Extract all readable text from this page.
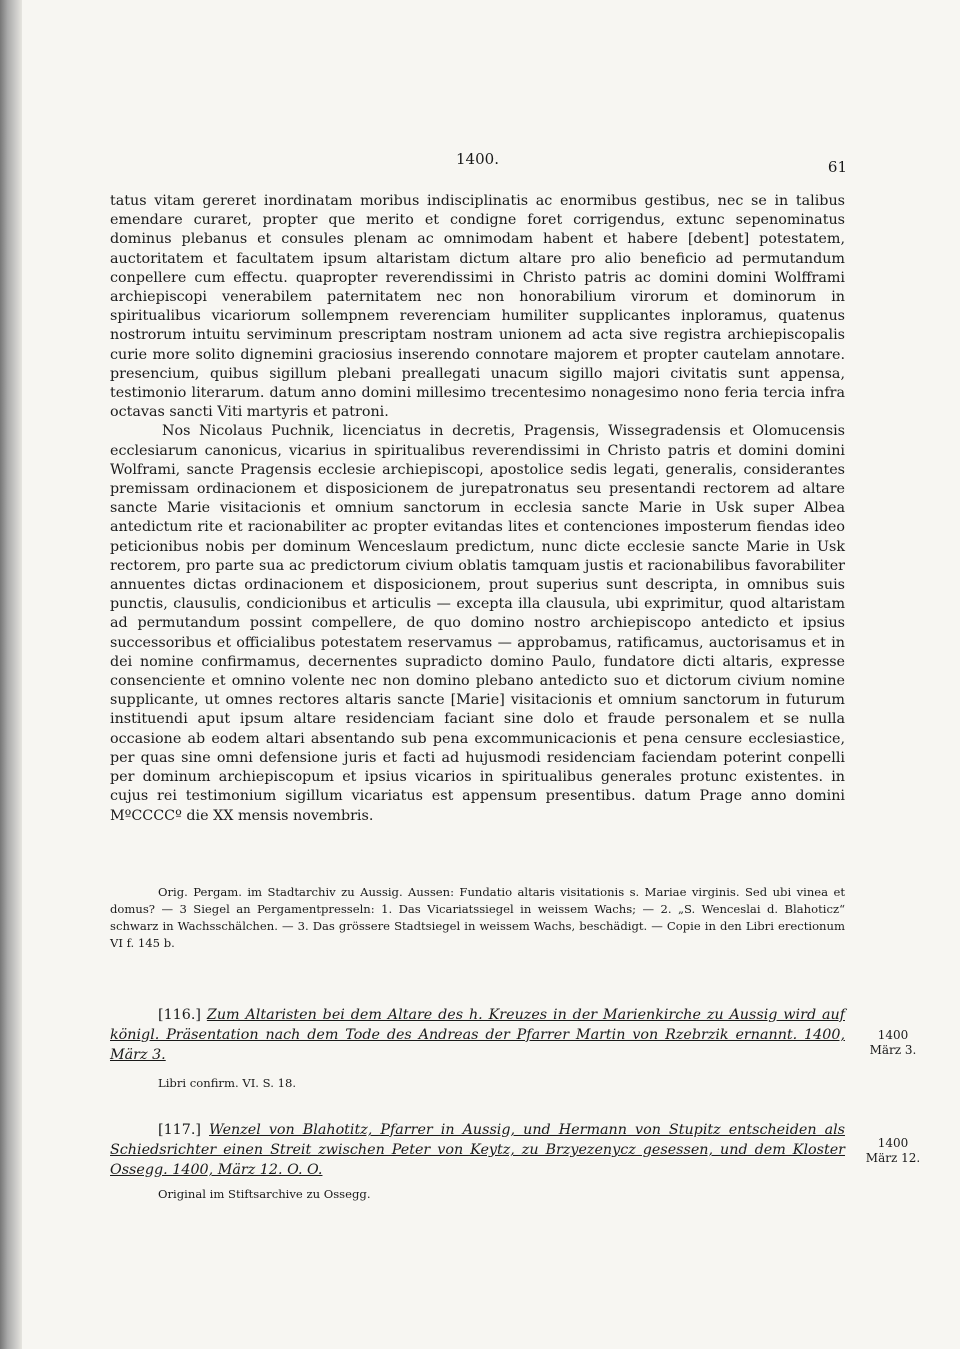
1400.	61

tatus vitam gereret inordinatam moribus indisciplinatis ac enormibus gestibus, nec se in talibus emendare curaret, propter que merito et condigne foret corrigendus, extunc sepenominatus dominus plebanus et consules plenam ac omnimodam habent et habere [debent] potestatem, auctoritatem et facultatem ipsum altaristam dictum altare pro alio beneficio ad permutandum conpellere cum effectu. quapropter reverendissimi in Christo patris ac domini domini Wolfframi archiepiscopi venerabilem paternitatem nec non honorabilium virorum et dominorum in spiritualibus vicariorum sollempnem reverenciam humiliter supplicantes inploramus, quatenus nostrorum intuitu serviminum prescriptam nostram unionem ad acta sive registra archiepiscopalis curie more solito dignemini graciosius inserendo connotare majorem et propter cautelam annotare. presencium, quibus sigillum plebani preallegati unacum sigillo majori civitatis sunt appensa, testimonio literarum. datum anno domini millesimo trecentesimo nonagesimo nono feria tercia infra octavas sancti Viti martyris et patroni.

Nos Nicolaus Puchnik, licenciatus in decretis, Pragensis, Wissegradensis et Olomucensis ecclesiarum canonicus, vicarius in spiritualibus reverendissimi in Christo patris et domini domini Wolframi, sancte Pragensis ecclesie archiepiscopi, apostolice sedis legati, generalis, considerantes premissam ordinacionem et disposicionem de jurepatronatus seu presentandi rectorem ad altare sancte Marie visitacionis et omnium sanctorum in ecclesia sancte Marie in Usk super Albea antedictum rite et racionabiliter ac propter evitandas lites et contenciones imposterum fiendas ideo peticionibus nobis per dominum Wenceslaum predictum, nunc dicte ecclesie sancte Marie in Usk rectorem, pro parte sua ac predictorum civium oblatis tamquam justis et racionabilibus favorabiliter annuentes dictas ordinacionem et disposicionem, prout superius sunt descripta, in omnibus suis punctis, clausulis, condicionibus et articulis — excepta illa clausula, ubi exprimitur, quod altaristam ad permutandum possint compellere, de quo domino nostro archiepiscopo antedicto et ipsius successoribus et officialibus potestatem reservamus — approbamus, ratificamus, auctorisamus et in dei nomine confirmamus, decernentes supradicto domino Paulo, fundatore dicti altaris, expresse consenciente et omnino volente nec non domino plebano antedicto suo et dictorum civium nomine supplicante, ut omnes rectores altaris sancte [Marie] visitacionis et omnium sanctorum in futurum instituendi aput ipsum altare residenciam faciant sine dolo et fraude personalem et se nulla occasione ab eodem altari absentando sub pena excommunicacionis et pena censure ecclesiastice, per quas sine omni defensione juris et facti ad hujusmodi residenciam faciendam poterint conpelli per dominum archiepiscopum et ipsius vicarios in spiritualibus generales protunc existentes. in cujus rei testimonium sigillum vicariatus est appensum presentibus. datum Prage anno domini MºCCCCº die XX mensis novembris.

Orig. Pergam. im Stadtarchiv zu Aussig. Aussen: Fundatio altaris visitationis s. Mariae virginis. Sed ubi vinea et domus? — 3 Siegel an Pergamentpresseln: 1. Das Vicariatssiegel in weissem Wachs; — 2. „S. Wenceslai d. Blahoticz“ schwarz in Wachsschälchen. — 3. Das grössere Stadtsiegel in weissem Wachs, beschädigt. — Copie in den Libri erectionum VI f. 145 b.

[116.] Zum Altaristen bei dem Altare des h. Kreuzes in der Marienkirche zu Aussig wird auf königl. Präsentation nach dem Tode des Andreas der Pfarrer Martin von Rzebrzik ernannt. 1400, März 3.

Libri confirm. VI. S. 18.

[117.] Wenzel von Blahotitz, Pfarrer in Aussig, und Hermann von Stupitz entscheiden als Schiedsrichter einen Streit zwischen Peter von Keytz, zu Brzyezenycz gesessen, und dem Kloster Ossegg. 1400, März 12. O. O.

Original im Stiftsarchive zu Ossegg.

1400
März 3.
1400
März 12.
